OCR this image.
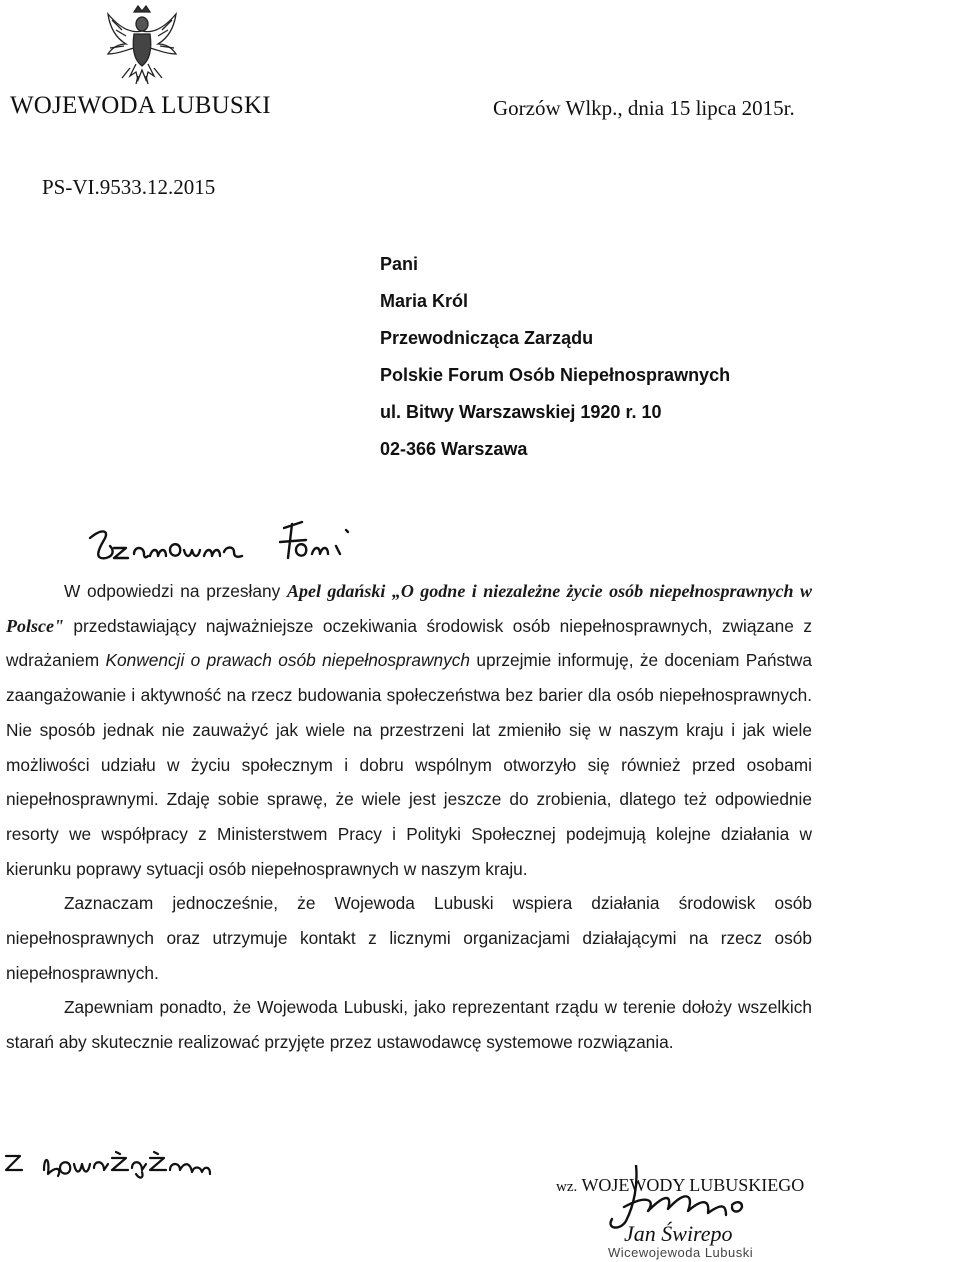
WOJEWODA LUBUSKI	Gorzów Wlkp., dnia 15 lipca 2015r.
PS-VI.9533.12.2015
Pani
Maria Król
Przewodnicząca Zarządu
Polskie Forum Osób Niepełnosprawnych
ul. Bitwy Warszawskiej 1920 r. 10
02-366 Warszawa

W odpowiedzi na przesłany Apel gdański „O godne i niezależne życie osób niepełnosprawnych w Polsce" przedstawiający najważniejsze oczekiwania środowisk osób niepełnosprawnych, związane z wdrażaniem Konwencji o prawach osób niepełnosprawnych uprzejmie informuję, że doceniam Państwa zaangażowanie i aktywność na rzecz budowania społeczeństwa bez barier dla osób niepełnosprawnych. Nie sposób jednak nie zauważyć jak wiele na przestrzeni lat zmieniło się w naszym kraju i jak wiele możliwości udziału w życiu społecznym i dobru wspólnym otworzyło się również przed osobami niepełnosprawnymi. Zdaję sobie sprawę, że wiele jest jeszcze do zrobienia, dlatego też odpowiednie resorty we współpracy z Ministerstwem Pracy i Polityki Społecznej podejmują kolejne działania w kierunku poprawy sytuacji osób niepełnosprawnych w naszym kraju.

Zaznaczam jednocześnie, że Wojewoda Lubuski wspiera działania środowisk osób niepełnosprawnych oraz utrzymuje kontakt z licznymi organizacjami działającymi na rzecz osób niepełnosprawnych.

Zapewniam ponadto, że Wojewoda Lubuski, jako reprezentant rządu w terenie dołoży wszelkich starań aby skutecznie realizować przyjęte przez ustawodawcę systemowe rozwiązania.

wz. WOJEWODY LUBUSKIEGO
Jan Świrepo
Wicewojewoda Lubuski
